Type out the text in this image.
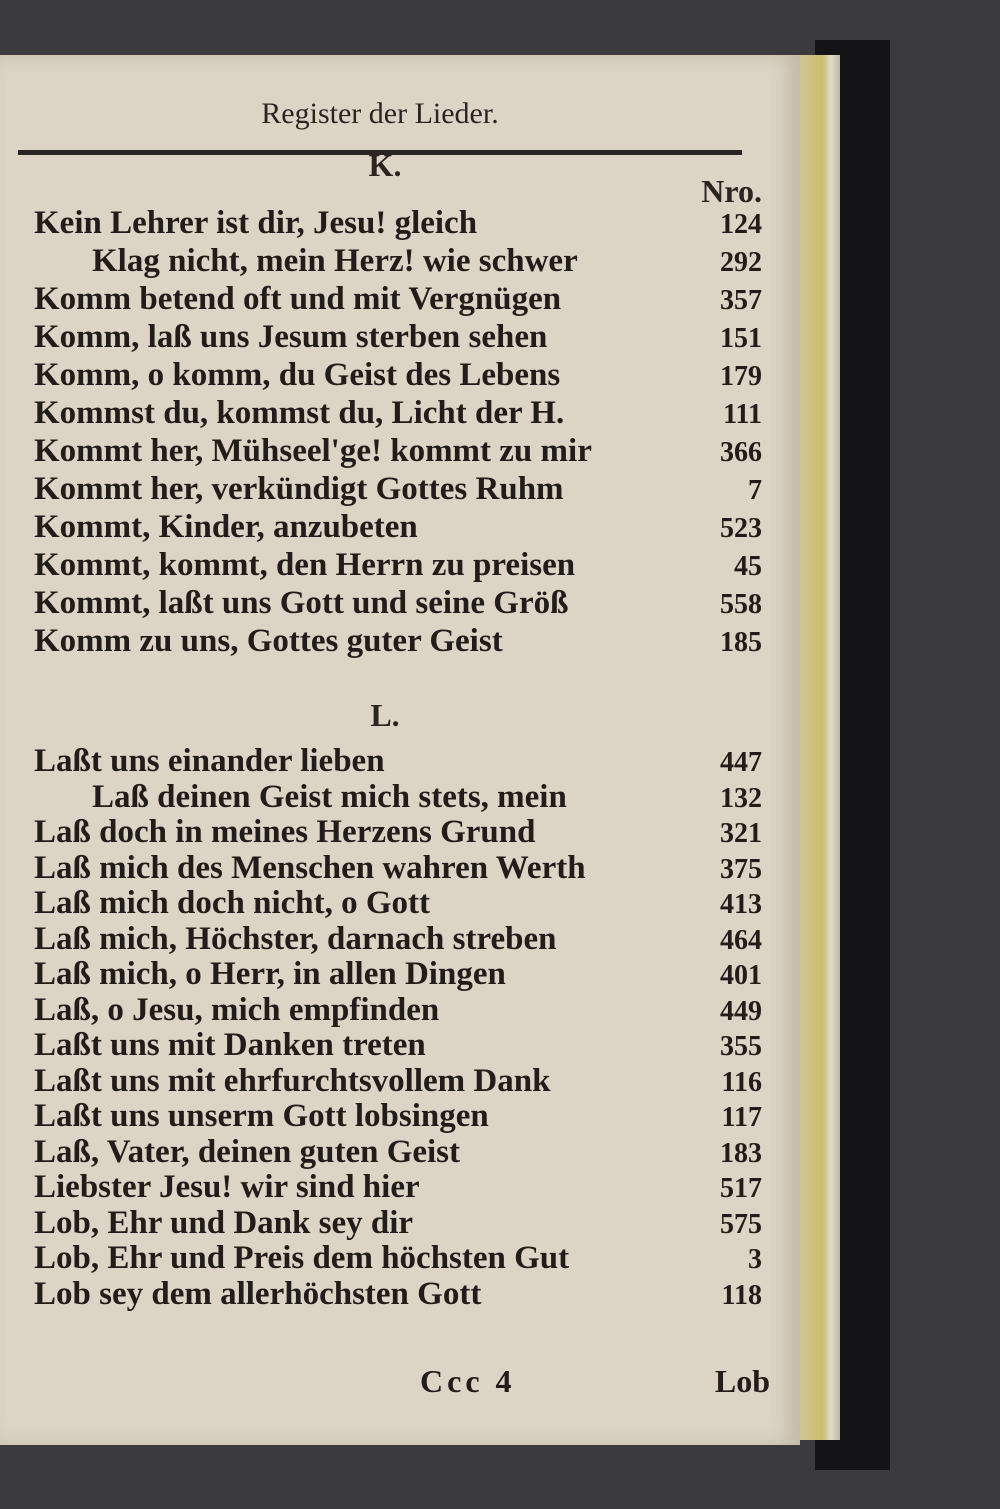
Register der Lieder.
K.
Nro.
Kein Lehrer ist dir, Jesu! gleich	124
Klag nicht, mein Herz! wie schwer	292
Komm betend oft und mit Vergnügen	357
Komm, laß uns Jesum sterben sehen	151
Komm, o komm, du Geist des Lebens	179
Kommst du, kommst du, Licht der H.	111
Kommt her, Mühseel'ge! kommt zu mir	366
Kommt her, verkündigt Gottes Ruhm	7
Kommt, Kinder, anzubeten	523
Kommt, kommt, den Herrn zu preisen	45
Kommt, laßt uns Gott und seine Größ	558
Komm zu uns, Gottes guter Geist	185
L.
Laßt uns einander lieben	447
Laß deinen Geist mich stets, mein	132
Laß doch in meines Herzens Grund	321
Laß mich des Menschen wahren Werth	375
Laß mich doch nicht, o Gott	413
Laß mich, Höchster, darnach streben	464
Laß mich, o Herr, in allen Dingen	401
Laß, o Jesu, mich empfinden	449
Laßt uns mit Danken treten	355
Laßt uns mit ehrfurchtsvollem Dank	116
Laßt uns unserm Gott lobsingen	117
Laß, Vater, deinen guten Geist	183
Liebster Jesu! wir sind hier	517
Lob, Ehr und Dank sey dir	575
Lob, Ehr und Preis dem höchsten Gut	3
Lob sey dem allerhöchsten Gott	118
Ccc 4	Lob
